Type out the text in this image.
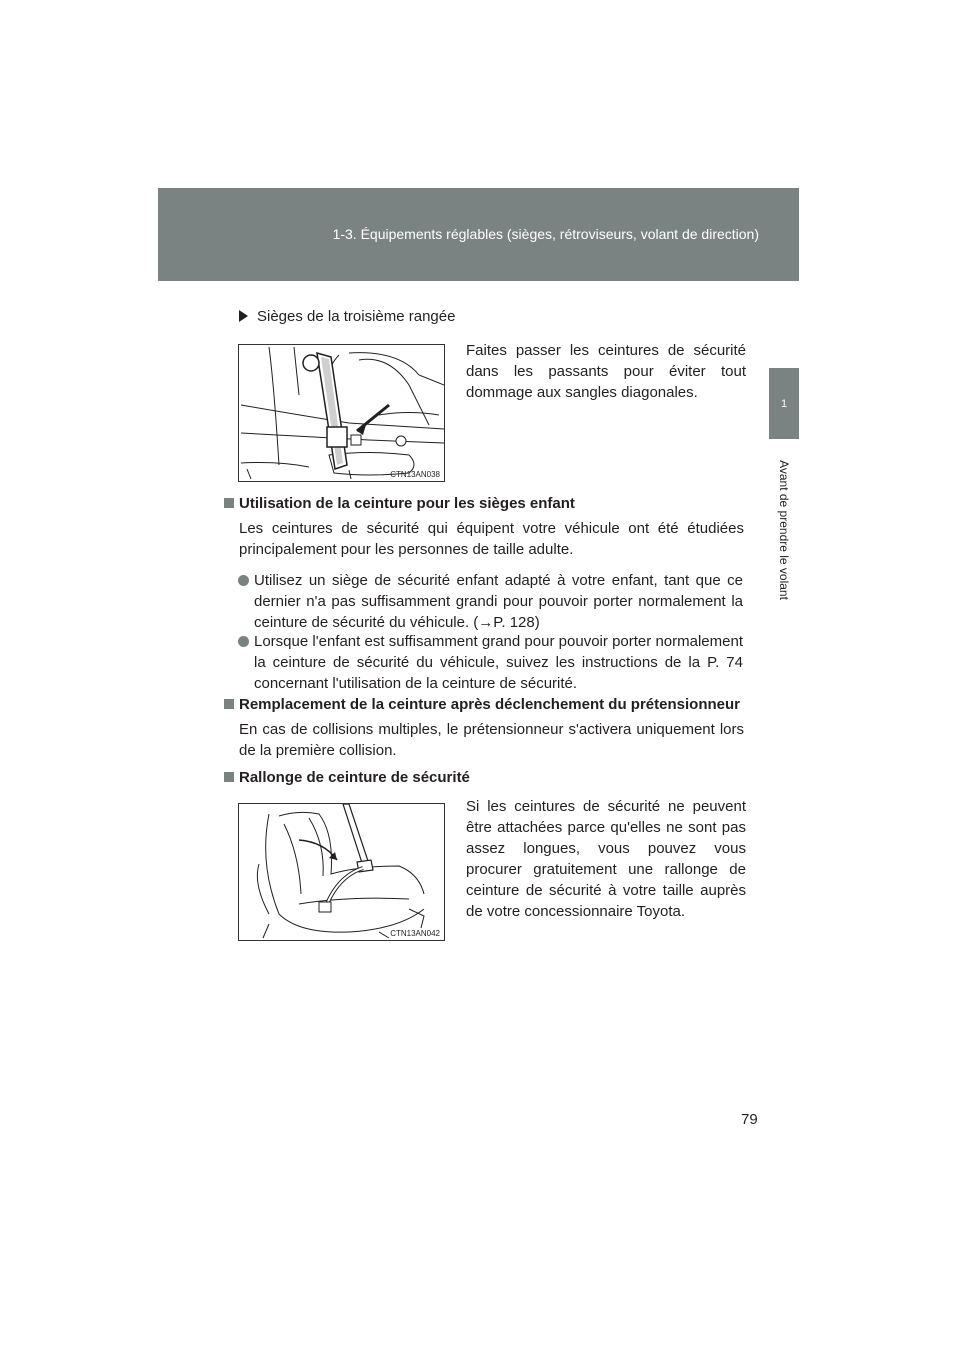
1-3. Équipements réglables (sièges, rétroviseurs, volant de direction)
1
Avant de prendre le volant
Sièges de la troisième rangée
CTN13AN038

Faites passer les ceintures de sécurité dans les passants pour éviter tout dommage aux sangles diagonales.

Utilisation de la ceinture pour les sièges enfant

Les ceintures de sécurité qui équipent votre véhicule ont été étudiées principalement pour les personnes de taille adulte.

Utilisez un siège de sécurité enfant adapté à votre enfant, tant que ce dernier n'a pas suffisamment grandi pour pouvoir porter normalement la ceinture de sécurité du véhicule. (→P. 128)
Lorsque l'enfant est suffisamment grand pour pouvoir porter normalement la ceinture de sécurité du véhicule, suivez les instructions de la P. 74 concernant l'utilisation de la ceinture de sécurité.
Remplacement de la ceinture après déclenchement du prétensionneur

En cas de collisions multiples, le prétensionneur s'activera uniquement lors de la première collision.

Rallonge de ceinture de sécurité
CTN13AN042

Si les ceintures de sécurité ne peuvent être attachées parce qu'elles ne sont pas assez longues, vous pouvez vous procurer gratuitement une rallonge de ceinture de sécurité à votre taille auprès de votre concessionnaire Toyota.

79
